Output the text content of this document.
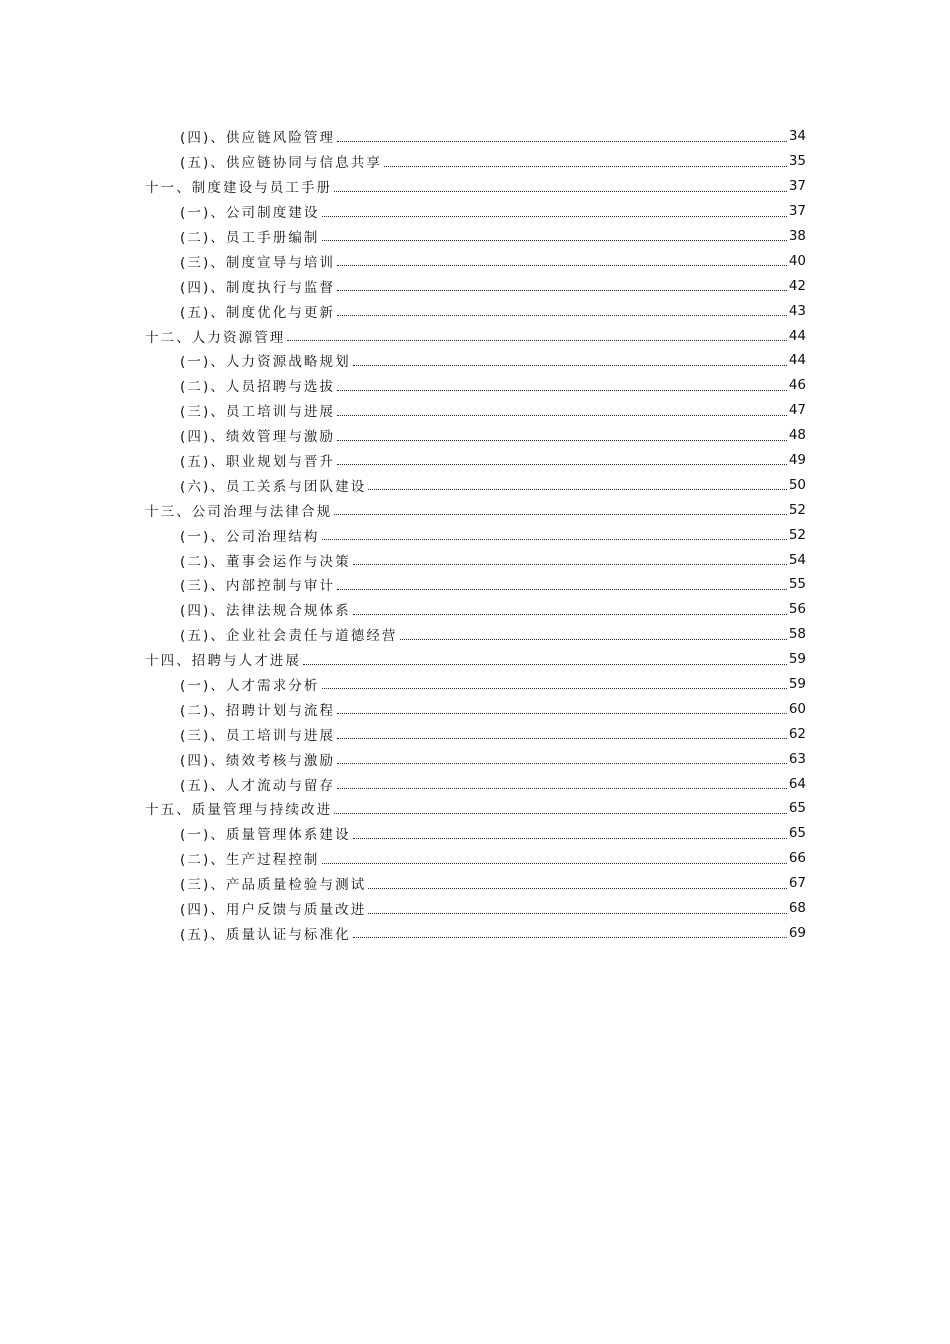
(四)、供应链风险管理	34
(五)、供应链协同与信息共享	35
十一、制度建设与员工手册	37
(一)、公司制度建设	37
(二)、员工手册编制	38
(三)、制度宣导与培训	40
(四)、制度执行与监督	42
(五)、制度优化与更新	43
十二、人力资源管理	44
(一)、人力资源战略规划	44
(二)、人员招聘与选拔	46
(三)、员工培训与进展	47
(四)、绩效管理与激励	48
(五)、职业规划与晋升	49
(六)、员工关系与团队建设	50
十三、公司治理与法律合规	52
(一)、公司治理结构	52
(二)、董事会运作与决策	54
(三)、内部控制与审计	55
(四)、法律法规合规体系	56
(五)、企业社会责任与道德经营	58
十四、招聘与人才进展	59
(一)、人才需求分析	59
(二)、招聘计划与流程	60
(三)、员工培训与进展	62
(四)、绩效考核与激励	63
(五)、人才流动与留存	64
十五、质量管理与持续改进	65
(一)、质量管理体系建设	65
(二)、生产过程控制	66
(三)、产品质量检验与测试	67
(四)、用户反馈与质量改进	68
(五)、质量认证与标准化	69
